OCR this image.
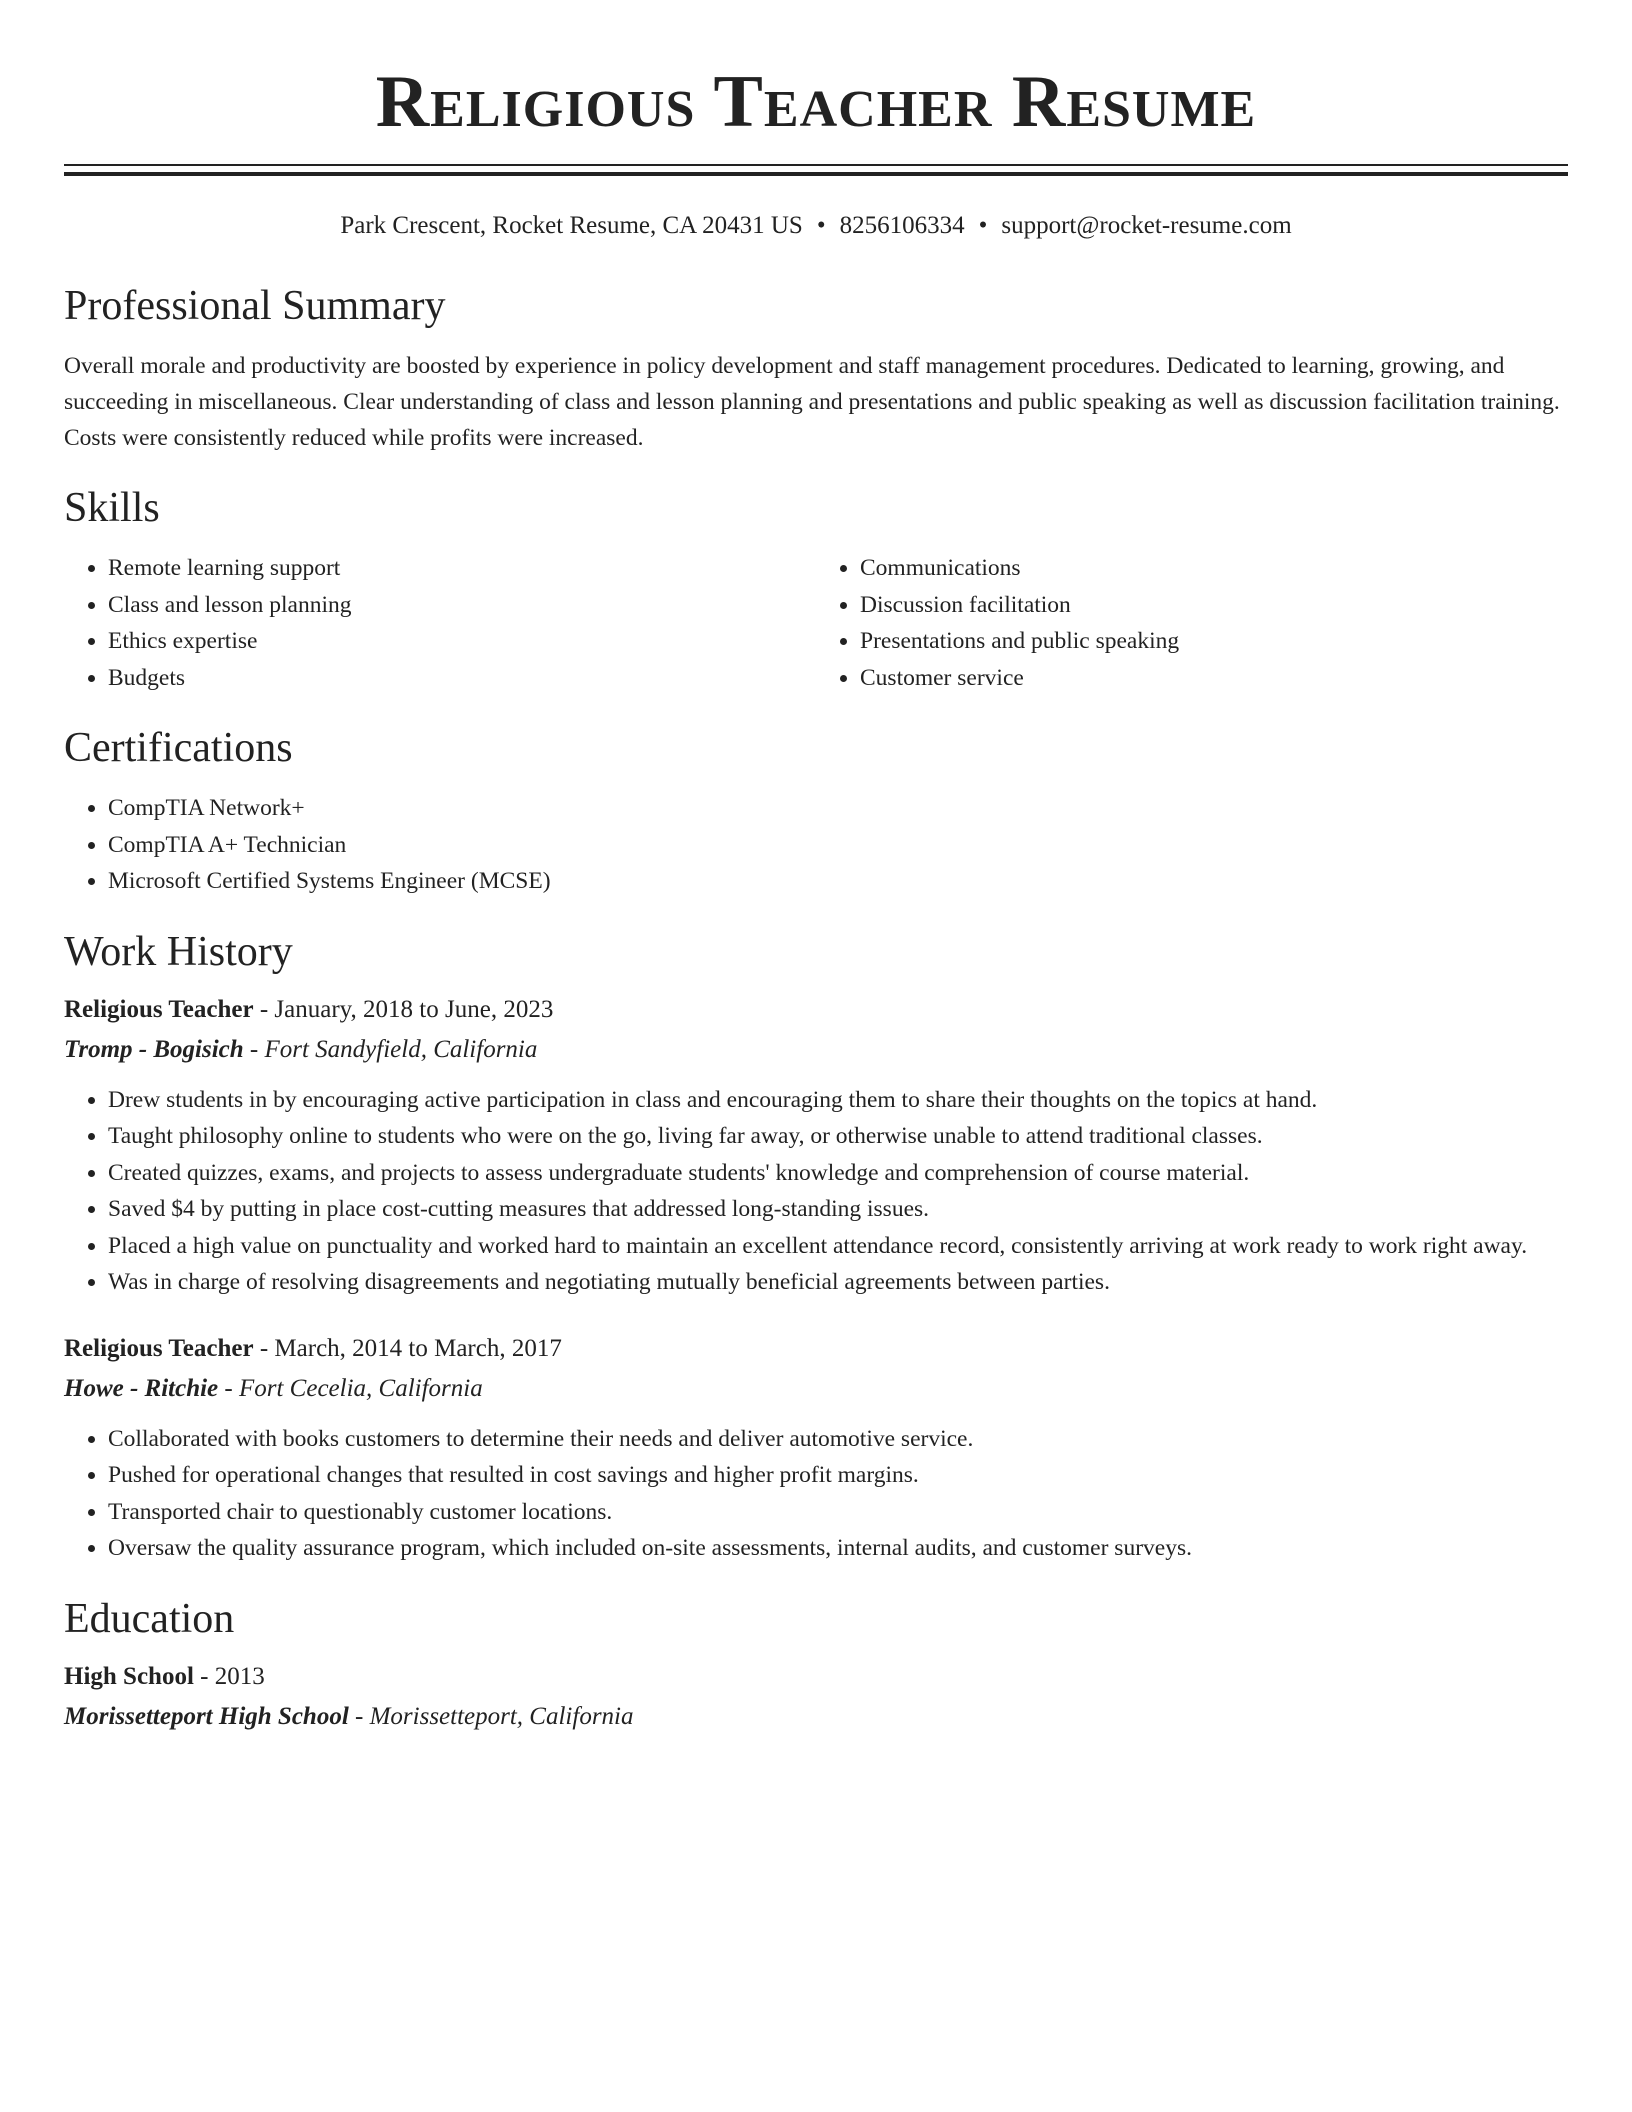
Religious Teacher Resume
Park Crescent, Rocket Resume, CA 20431 US • 8256106334 • support@rocket-resume.com
Professional Summary

Overall morale and productivity are boosted by experience in policy development and staff management procedures. Dedicated to learning, growing, and succeeding in miscellaneous. Clear understanding of class and lesson planning and presentations and public speaking as well as discussion facilitation training. Costs were consistently reduced while profits were increased.

Skills
• Remote learning support
• Class and lesson planning
• Ethics expertise
• Budgets
• Communications
• Discussion facilitation
• Presentations and public speaking
• Customer service
Certifications
• CompTIA Network+
• CompTIA A+ Technician
• Microsoft Certified Systems Engineer (MCSE)
Work History
Religious Teacher - January, 2018 to June, 2023
Tromp - Bogisich - Fort Sandyfield, California
• Drew students in by encouraging active participation in class and encouraging them to share their thoughts on the topics at hand.
• Taught philosophy online to students who were on the go, living far away, or otherwise unable to attend traditional classes.
• Created quizzes, exams, and projects to assess undergraduate students' knowledge and comprehension of course material.
• Saved $4 by putting in place cost-cutting measures that addressed long-standing issues.
• Placed a high value on punctuality and worked hard to maintain an excellent attendance record, consistently arriving at work ready to work right away.
• Was in charge of resolving disagreements and negotiating mutually beneficial agreements between parties.
Religious Teacher - March, 2014 to March, 2017
Howe - Ritchie - Fort Cecelia, California
• Collaborated with books customers to determine their needs and deliver automotive service.
• Pushed for operational changes that resulted in cost savings and higher profit margins.
• Transported chair to questionably customer locations.
• Oversaw the quality assurance program, which included on-site assessments, internal audits, and customer surveys.
Education
High School - 2013
Morissetteport High School - Morissetteport, California
